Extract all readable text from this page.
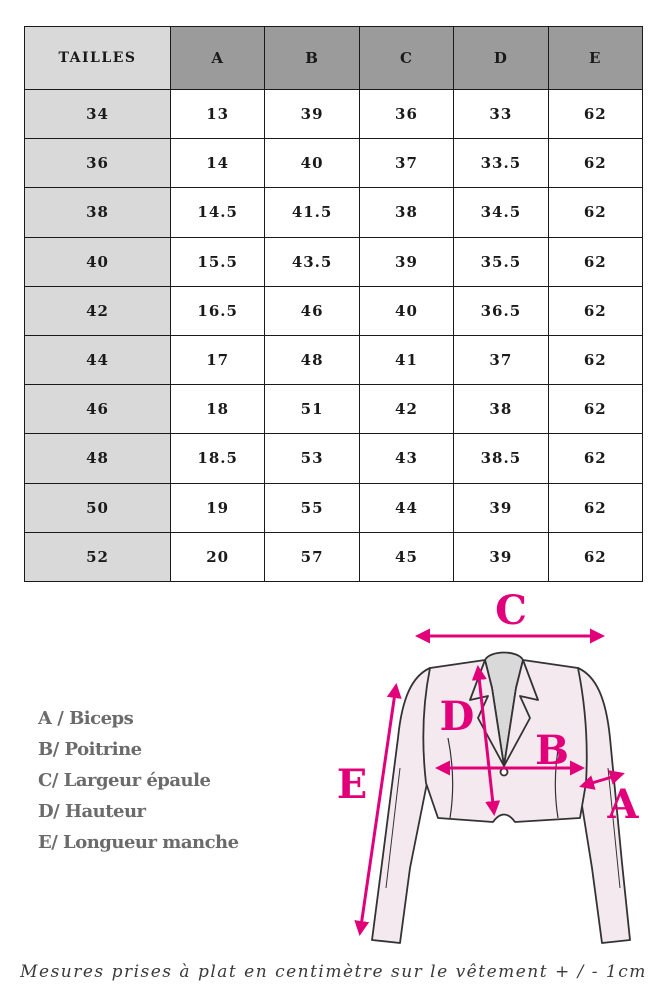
TAILLES	A	B	C	D	E
34	13	39	36	33	62
36	14	40	37	33.5	62
38	14.5	41.5	38	34.5	62
40	15.5	43.5	39	35.5	62
42	16.5	46	40	36.5	62
44	17	48	41	37	62
46	18	51	42	38	62
48	18.5	53	43	38.5	62
50	19	55	44	39	62
52	20	57	45	39	62
A / Biceps
B/ Poitrine
C/ Largeur épaule
D/ Hauteur
E/ Longueur manche
C
D
B
A
E
Mesures prises à plat en centimètre sur le vêtement + / - 1cm
